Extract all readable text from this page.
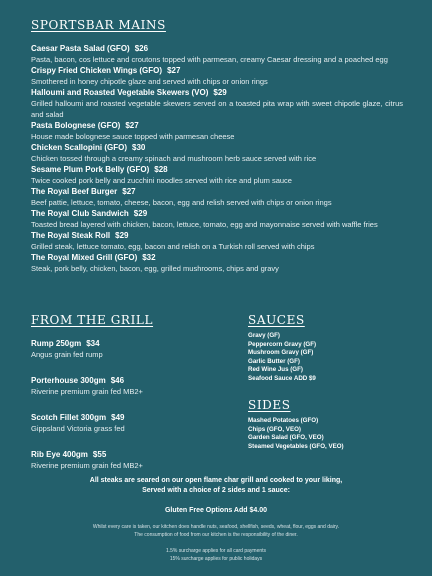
SPORTSBAR MAINS
Caesar Pasta Salad (GFO) $26
Pasta, bacon, cos lettuce and croutons topped with parmesan, creamy Caesar dressing and a poached egg
Crispy Fried Chicken Wings (GFO) $27
Smothered in honey chipotle glaze and served with chips or onion rings
Halloumi and Roasted Vegetable Skewers (VO) $29
Grilled halloumi and roasted vegetable skewers served on a toasted pita wrap with sweet chipotle glaze, citrus and salad
Pasta Bolognese (GFO) $27
House made bolognese sauce topped with parmesan cheese
Chicken Scallopini (GFO) $30
Chicken tossed through a creamy spinach and mushroom herb sauce served with rice
Sesame Plum Pork Belly (GFO) $28
Twice cooked pork belly and zucchini noodles served with rice and plum sauce
The Royal Beef Burger $27
Beef pattie, lettuce, tomato, cheese, bacon, egg and relish served with chips or onion rings
The Royal Club Sandwich $29
Toasted bread layered with chicken, bacon, lettuce, tomato, egg and mayonnaise served with waffle fries
The Royal Steak Roll $29
Grilled steak, lettuce tomato, egg, bacon and relish on a Turkish roll served with chips
The Royal Mixed Grill (GFO) $32
Steak, pork belly, chicken, bacon, egg, grilled mushrooms, chips and gravy
FROM THE GRILL
Rump 250gm $34
Angus grain fed rump
Porterhouse 300gm $46
Riverine premium grain fed MB2+
Scotch Fillet 300gm $49
Gippsland Victoria grass fed
Rib Eye 400gm $55
Riverine premium grain fed MB2+
SAUCES
Gravy (GF)
Peppercorn Gravy (GF)
Mushroom Gravy (GF)
Garlic Butter (GF)
Red Wine Jus (GF)
Seafood Sauce ADD $9
SIDES
Mashed Potatoes (GFO)
Chips (GFO, VEO)
Garden Salad (GFO, VEO)
Steamed Vegetables (GFO, VEO)
All steaks are seared on our open flame char grill and cooked to your liking,
Served with a choice of 2 sides and 1 sauce:
Gluten Free Options Add $4.00
Whilst every care is taken, our kitchen does handle nuts, seafood, shellfish, seeds, wheat, flour, eggs and dairy.
The consumption of food from our kitchen is the responsibility of the diner.
1.5% surcharge applies for all card payments
15% surcharge applies for public holidays
